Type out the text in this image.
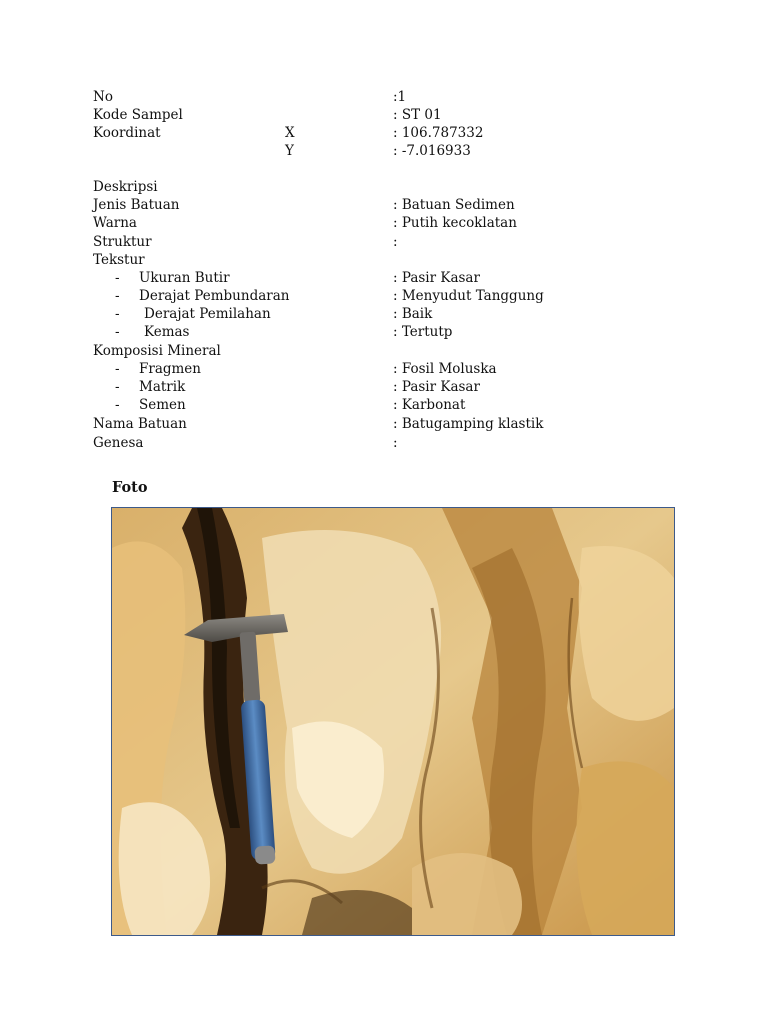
No	:1
Kode Sampel	: ST 01
Koordinat	X	: 106.787332
Y	: -7.016933
Deskripsi
Jenis Batuan	: Batuan Sedimen
Warna	: Putih kecoklatan
Struktur	:
Tekstur
- Ukuran Butir	: Pasir Kasar
- Derajat Pembundaran	: Menyudut Tanggung
- Derajat Pemilahan	: Baik
- Kemas	: Tertutp
Komposisi Mineral
- Fragmen	: Fosil Moluska
- Matrik	: Pasir Kasar
- Semen	: Karbonat
Nama Batuan	: Batugamping klastik
Genesa	:
Foto
